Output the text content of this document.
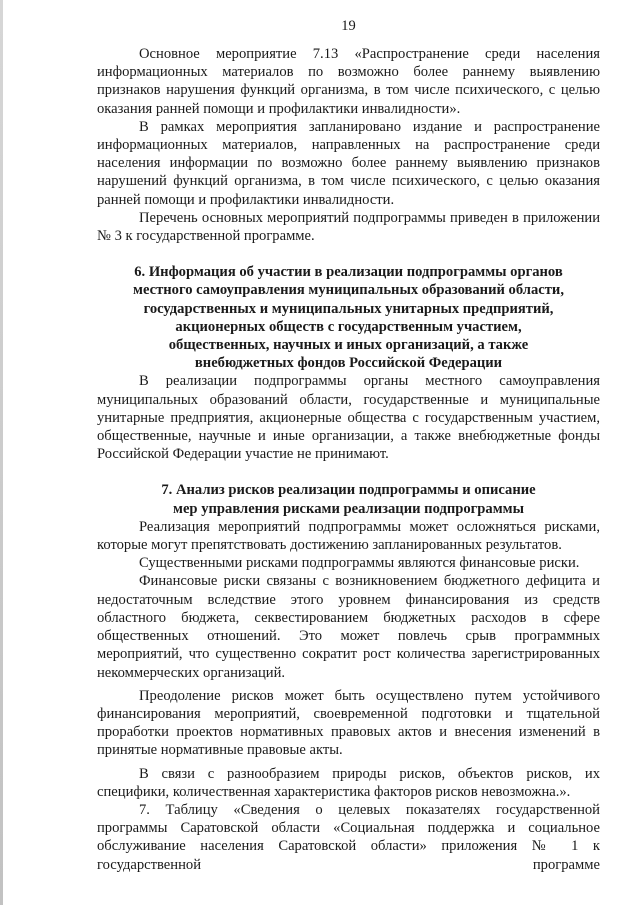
19

Основное мероприятие 7.13 «Распространение среди населения информационных материалов по возможно более раннему выявлению признаков нарушения функций организма, в том числе психического, с целью оказания ранней помощи и профилактики инвалидности».

В рамках мероприятия запланировано издание и распространение информационных материалов, направленных на распространение среди населения информации по возможно более раннему выявлению признаков нарушений функций организма, в том числе психического, с целью оказания ранней помощи и профилактики инвалидности.

Перечень основных мероприятий подпрограммы приведен в приложении № 3 к государственной программе.

6. Информация об участии в реализации подпрограммы органов
местного самоуправления муниципальных образований области,
государственных и муниципальных унитарных предприятий,
акционерных обществ с государственным участием,
общественных, научных и иных организаций, а также
внебюджетных фондов Российской Федерации

В реализации подпрограммы органы местного самоуправления муниципальных образований области, государственные и муниципальные унитарные предприятия, акционерные общества с государственным участием, общественные, научные и иные организации, а также внебюджетные фонды Российской Федерации участие не принимают.

7. Анализ рисков реализации подпрограммы и описание
мер управления рисками реализации подпрограммы

Реализация мероприятий подпрограммы может осложняться рисками, которые могут препятствовать достижению запланированных результатов.

Существенными рисками подпрограммы являются финансовые риски.

Финансовые риски связаны с возникновением бюджетного дефицита и недостаточным вследствие этого уровнем финансирования из средств областного бюджета, секвестированием бюджетных расходов в сфере общественных отношений. Это может повлечь срыв программных мероприятий, что существенно сократит рост количества зарегистрированных некоммерческих организаций.

Преодоление рисков может быть осуществлено путем устойчивого финансирования мероприятий, своевременной подготовки и тщательной проработки проектов нормативных правовых актов и внесения изменений в принятые нормативные правовые акты.

В связи с разнообразием природы рисков, объектов рисков, их специфики, количественная характеристика факторов рисков невозможна.».

7. Таблицу «Сведения о целевых показателях государственной программы Саратовской области «Социальная поддержка и социальное обслуживание населения Саратовской области» приложения № 1 к государственной программе
